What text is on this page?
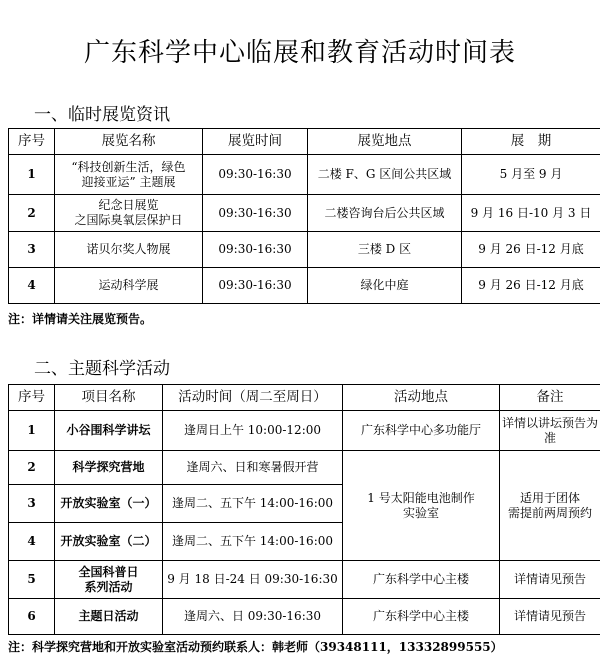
广东科学中心临展和教育活动时间表
一、临时展览资讯
序号	展览名称	展览时间	展览地点	展　期
1	“科技创新生活，绿色
迎接亚运” 主题展	09:30-16:30	二楼 F、G 区间公共区域	5 月至 9 月
2	纪念日展览
之国际臭氧层保护日	09:30-16:30	二楼咨询台后公共区域	9 月 16 日-10 月 3 日
3	诺贝尔奖人物展	09:30-16:30	三楼 D 区	9 月 26 日-12 月底
4	运动科学展	09:30-16:30	绿化中庭	9 月 26 日-12 月底
注：详情请关注展览预告。
二、主题科学活动
序号	项目名称	活动时间（周二至周日）	活动地点	备注
1	小谷围科学讲坛	逢周日上午 10:00-12:00	广东科学中心多功能厅	详情以讲坛预告为准
2	科学探究营地	逢周六、日和寒暑假开营	1 号太阳能电池制作
实验室	适用于团体
需提前两周预约
3	开放实验室（一）	逢周二、五下午 14:00-16:00		
4	开放实验室（二）	逢周二、五下午 14:00-16:00		
5	全国科普日
系列活动	9 月 18 日-24 日 09:30-16:30	广东科学中心主楼	详情请见预告
6	主题日活动	逢周六、日 09:30-16:30	广东科学中心主楼	详情请见预告
注：科学探究营地和开放实验室活动预约联系人：韩老师（39348111，13332899555）
